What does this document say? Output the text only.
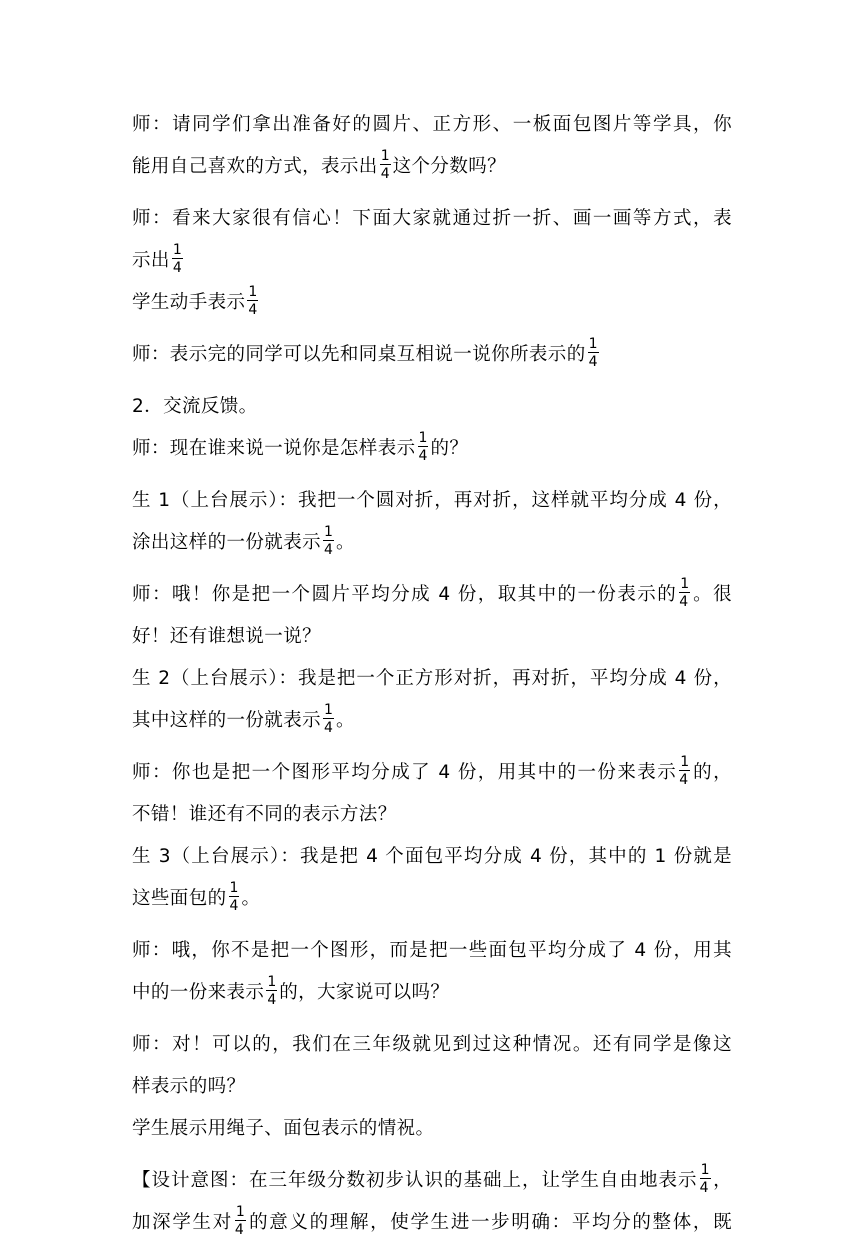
师：请同学们拿出准备好的圆片、正方形、一板面包图片等学具，你
能用自己喜欢的方式，表示出 $\frac{1}{4}$ 这个分数吗？
师：看来大家很有信心！下面大家就通过折一折、画一画等方式，表
示出 $\frac{1}{4}$
学生动手表示 $\frac{1}{4}$
师：表示完的同学可以先和同桌互相说一说你所表示的 $\frac{1}{4}$
2．交流反馈。
师：现在谁来说一说你是怎样表示 $\frac{1}{4}$ 的？
生 1（上台展示）：我把一个圆对折，再对折，这样就平均分成 4 份，
涂出这样的一份就表示 $\frac{1}{4}$ 。
师：哦！你是把一个圆片平均分成 4 份，取其中的一份表示的 $\frac{1}{4}$ 。很
好！还有谁想说一说？
生 2（上台展示）：我是把一个正方形对折，再对折，平均分成 4 份，
其中这样的一份就表示 $\frac{1}{4}$ 。
师：你也是把一个图形平均分成了 4 份，用其中的一份来表示 $\frac{1}{4}$ 的，
不错！谁还有不同的表示方法？
生 3（上台展示）：我是把 4 个面包平均分成 4 份，其中的 1 份就是
这些面包的 $\frac{1}{4}$ 。
师：哦，你不是把一个图形，而是把一些面包平均分成了 4 份，用其
中的一份来表示 $\frac{1}{4}$ 的，大家说可以吗？
师：对！可以的，我们在三年级就见到过这种情况。还有同学是像这
样表示的吗？
学生展示用绳子、面包表示的情祝。
【设计意图：在三年级分数初步认识的基础上，让学生自由地表示 $\frac{1}{4}$ ，
加深学生对 $\frac{1}{4}$ 的意义的理解，使学生进一步明确：平均分的整体，既
